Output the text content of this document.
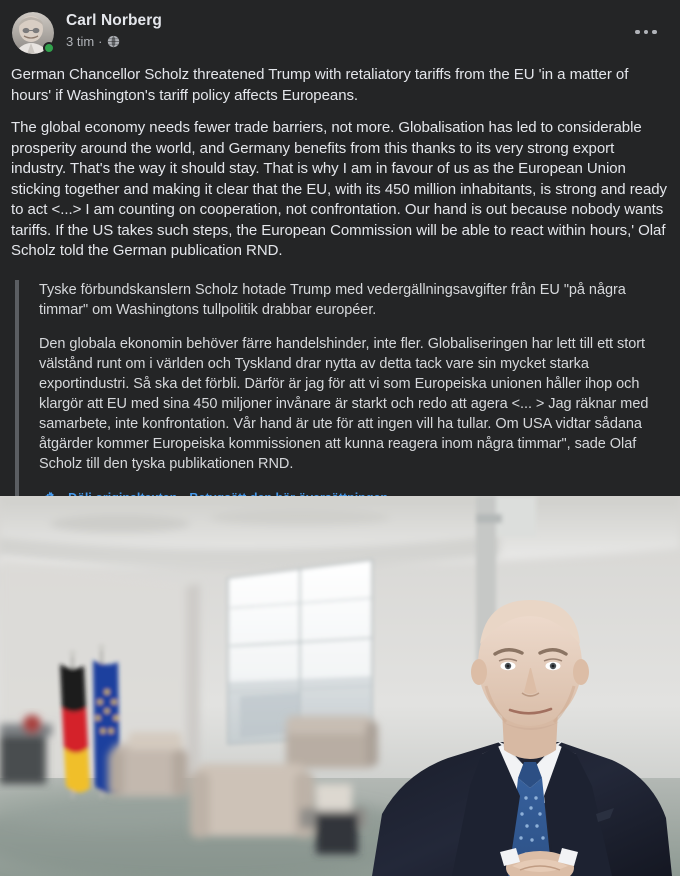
Carl Norberg
3 tim ·

German Chancellor Scholz threatened Trump with retaliatory tariffs from the EU 'in a matter of hours' if Washington's tariff policy affects Europeans.

The global economy needs fewer trade barriers, not more. Globalisation has led to considerable prosperity around the world, and Germany benefits from this thanks to its very strong export industry. That's the way it should stay. That is why I am in favour of us as the European Union sticking together and making it clear that the EU, with its 450 million inhabitants, is strong and ready to act <...> I am counting on cooperation, not confrontation. Our hand is out because nobody wants tariffs. If the US takes such steps, the European Commission will be able to react within hours,' Olaf Scholz told the German publication RND.

Tyske förbundskanslern Scholz hotade Trump med vedergällningsavgifter från EU "på några timmar" om Washingtons tullpolitik drabbar européer.

Den globala ekonomin behöver färre handelshinder, inte fler. Globaliseringen har lett till ett stort välstånd runt om i världen och Tyskland drar nytta av detta tack vare sin mycket starka exportindustri. Så ska det förbli. Därför är jag för att vi som Europeiska unionen håller ihop och klargör att EU med sina 450 miljoner invånare är starkt och redo att agera <... > Jag räknar med samarbete, inte konfrontation. Vår hand är ute för att ingen vill ha tullar. Om USA vidtar sådana åtgärder kommer Europeiska kommissionen att kunna reagera inom några timmar", sade Olaf Scholz till den tyska publikationen RND.
